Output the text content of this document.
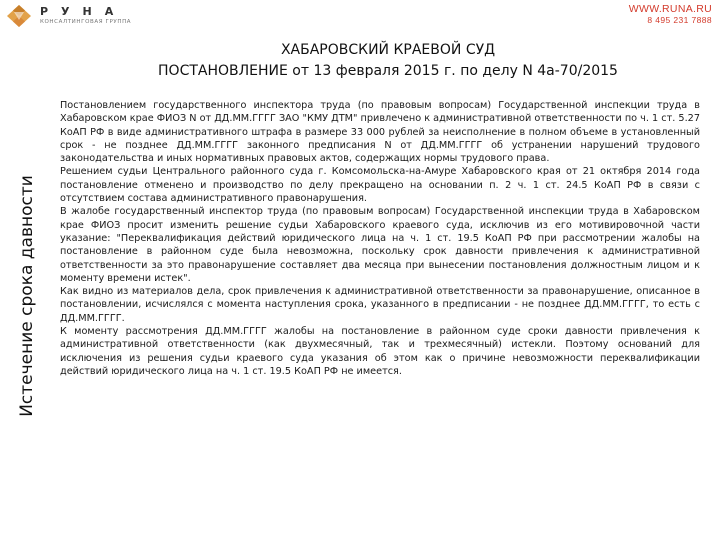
РУНА
КОНСАЛТИНГОВАЯ ГРУППА
WWW.RUNA.RU
8 495 231 7888
Истечение срока давности
ХАБАРОВСКИЙ КРАЕВОЙ СУД
ПОСТАНОВЛЕНИЕ от 13 февраля 2015 г. по делу N 4а-70/2015

Постановлением государственного инспектора труда (по правовым вопросам) Государственной инспекции труда в Хабаровском крае ФИОЗ N от ДД.ММ.ГГГГ ЗАО "КМУ ДТМ" привлечено к административной ответственности по ч. 1 ст. 5.27 КоАП РФ в виде административного штрафа в размере 33 000 рублей за неисполнение в полном объеме в установленный срок - не позднее ДД.ММ.ГГГГ законного предписания N от ДД.ММ.ГГГГ об устранении нарушений трудового законодательства и иных нормативных правовых актов, содержащих нормы трудового права.

Решением судьи Центрального районного суда г. Комсомольска-на-Амуре Хабаровского края от 21 октября 2014 года постановление отменено и производство по делу прекращено на основании п. 2 ч. 1 ст. 24.5 КоАП РФ в связи с отсутствием состава административного правонарушения.

В жалобе государственный инспектор труда (по правовым вопросам) Государственной инспекции труда в Хабаровском крае ФИОЗ просит изменить решение судьи Хабаровского краевого суда, исключив из его мотивировочной части указание: "Переквалификация действий юридического лица на ч. 1 ст. 19.5 КоАП РФ при рассмотрении жалобы на постановление в районном суде была невозможна, поскольку срок давности привлечения к административной ответственности за это правонарушение составляет два месяца при вынесении постановления должностным лицом и к моменту времени истек".

Как видно из материалов дела, срок привлечения к административной ответственности за правонарушение, описанное в постановлении, исчислялся с момента наступления срока, указанного в предписании - не позднее ДД.ММ.ГГГГ, то есть с ДД.ММ.ГГГГ.

К моменту рассмотрения ДД.ММ.ГГГГ жалобы на постановление в районном суде сроки давности привлечения к административной ответственности (как двухмесячный, так и трехмесячный) истекли. Поэтому оснований для исключения из решения судьи краевого суда указания об этом как о причине невозможности переквалификации действий юридического лица на ч. 1 ст. 19.5 КоАП РФ не имеется.
